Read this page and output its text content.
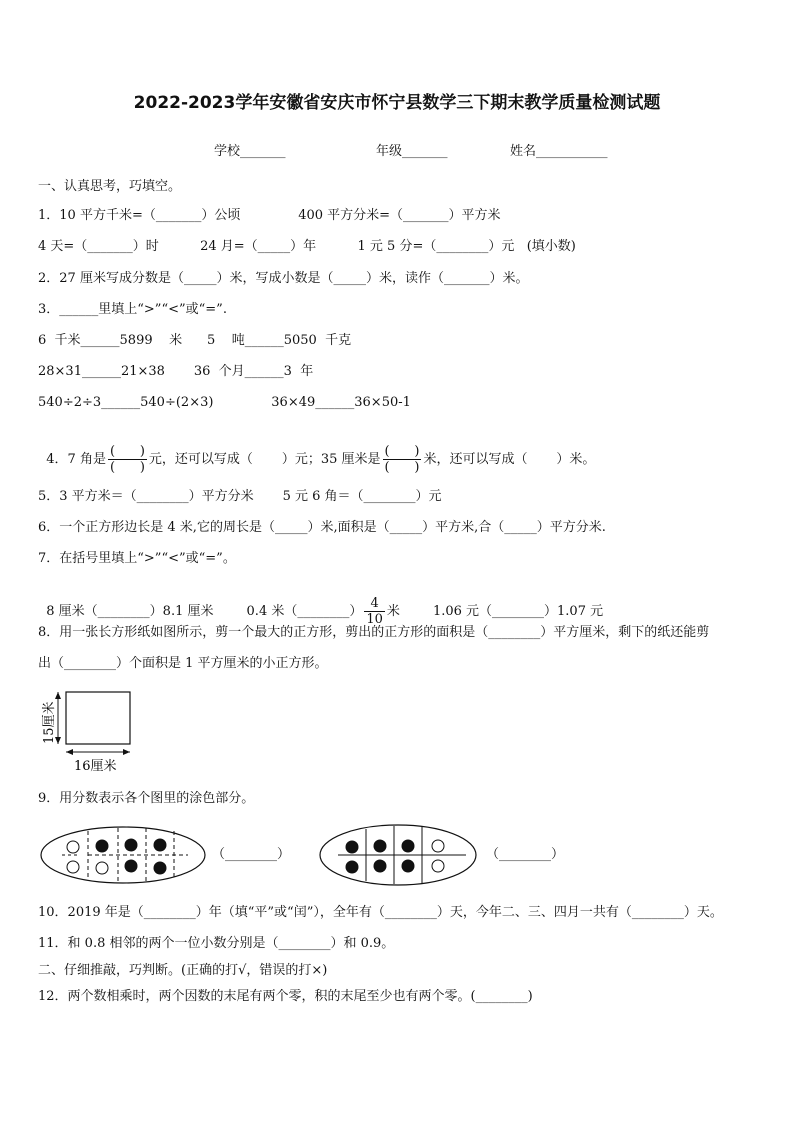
2022-2023学年安徽省安庆市怀宁县数学三下期末教学质量检测试题
学校_______	年级_______	姓名___________
一、认真思考，巧填空。
1．10 平方千米=（_______）公顷              400 平方分米=（_______）平方米
4 天=（_______）时          24 月=（_____）年          1 元 5 分=（________）元   (填小数)
2．27 厘米写成分数是（_____）米，写成小数是（_____）米，读作（_______）米。
3．______里填上“>”“<”或“=”.
6  千米______5899    米      5    吨______5050  千克
28×31______21×38       36  个月______3  年
540÷2÷3______540÷(2×3)              36×49______36×50-1

4．7 角是 $\frac{( )}{( )}$ 元，还可以写成（       ）元；35 厘米是 $\frac{( )}{( )}$ 米，还可以写成（       ）米。

5．3 平方米＝（________）平方分米       5 元 6 角＝（________）元
6．一个正方形边长是 4 米,它的周长是（_____）米,面积是（_____）平方米,合（_____）平方分米.
7．在括号里填上“>”“<”或“=”。

8 厘米（________）8.1 厘米        0.4 米（________） $\frac{4}{10}$ 米        1.06 元（________）1.07 元

8．用一张长方形纸如图所示，剪一个最大的正方形，剪出的正方形的面积是（________）平方厘米，剩下的纸还能剪
出（________）个面积是 1 平方厘米的小正方形。
15厘米
16厘米
9．用分数表示各个图里的涂色部分。
（________）	（________）
10．2019 年是（________）年（填“平”或“闰”），全年有（________）天，今年二、三、四月一共有（________）天。
11．和 0.8 相邻的两个一位小数分别是（________）和 0.9。
二、仔细推敲，巧判断。(正确的打√，错误的打×)
12．两个数相乘时，两个因数的末尾有两个零，积的末尾至少也有两个零。(________)
